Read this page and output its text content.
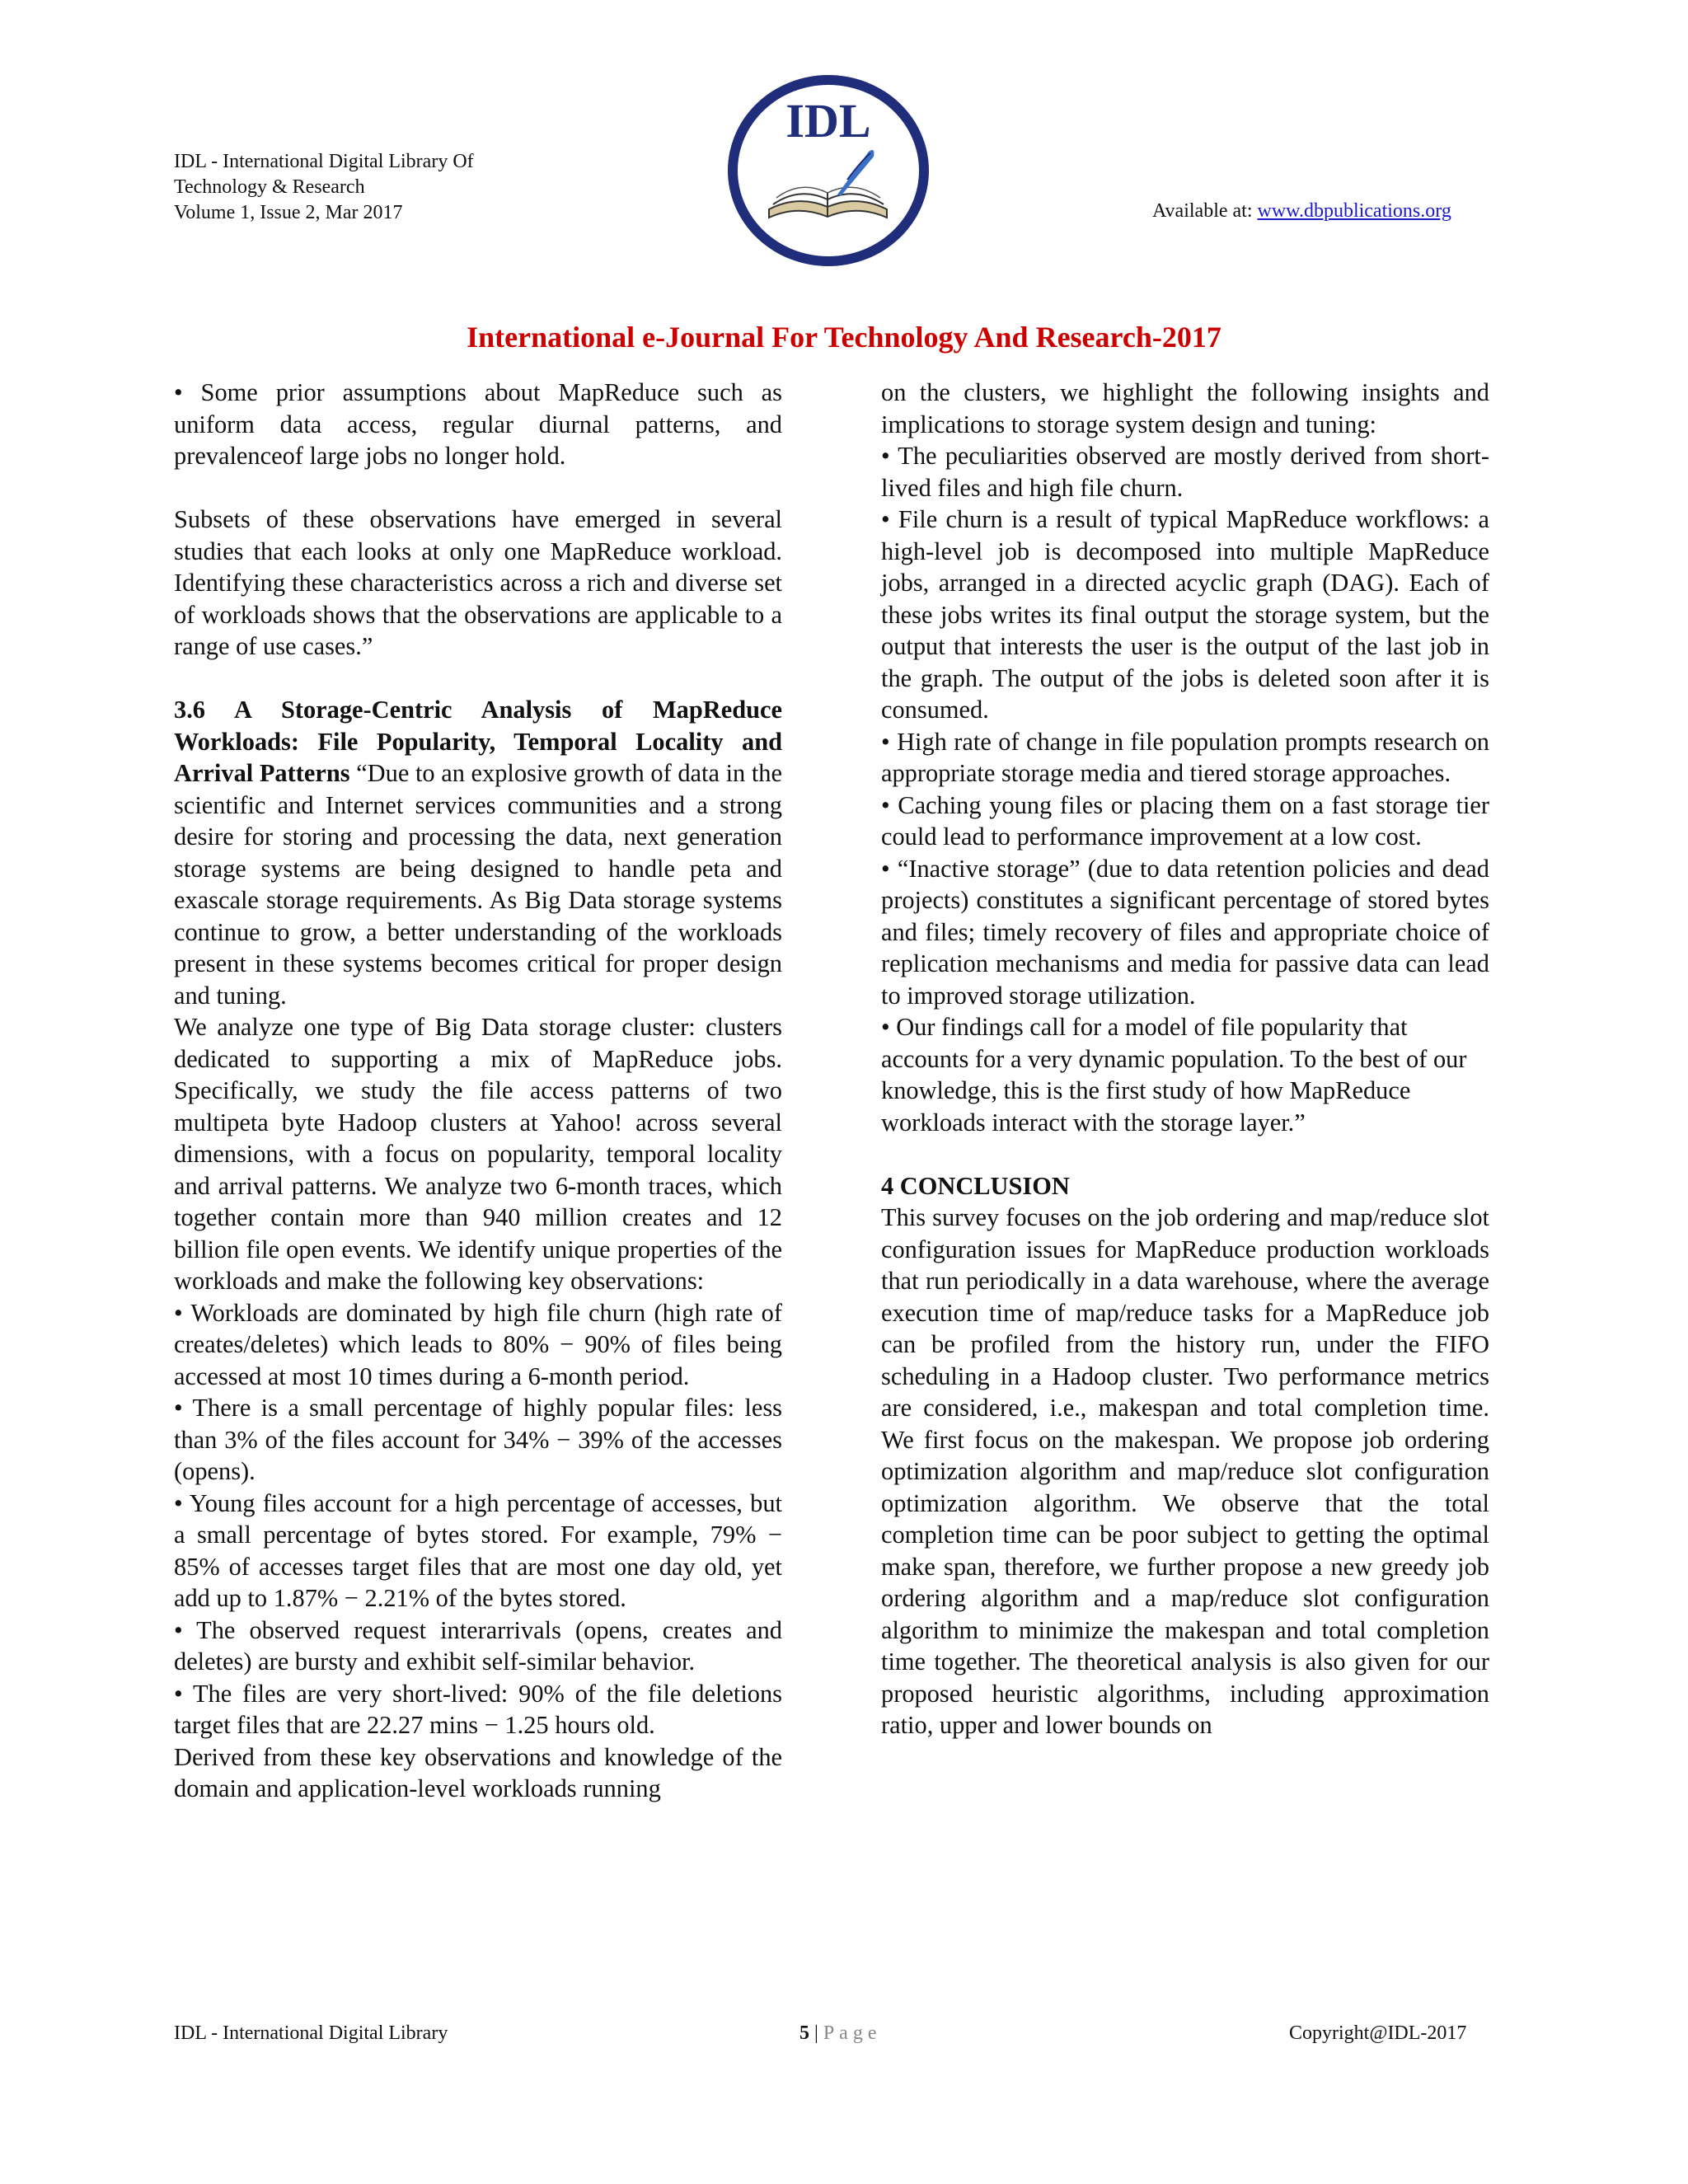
IDL - International Digital Library Of
Technology & Research
Volume 1, Issue 2, Mar 2017
IDL
Available at: www.dbpublications.org
International e-Journal For Technology And Research-2017

• Some prior assumptions about MapReduce such as uniform data access, regular diurnal patterns, and prevalenceof large jobs no longer hold.

Subsets of these observations have emerged in several studies that each looks at only one MapReduce workload. Identifying these characteristics across a rich and diverse set of workloads shows that the observations are applicable to a range of use cases.”

3.6 A Storage-Centric Analysis of MapReduce Workloads: File Popularity, Temporal Locality and Arrival Patterns “Due to an explosive growth of data in the scientific and Internet services communities and a strong desire for storing and processing the data, next generation storage systems are being designed to handle peta and exascale storage requirements. As Big Data storage systems continue to grow, a better understanding of the workloads present in these systems becomes critical for proper design and tuning.

We analyze one type of Big Data storage cluster: clusters dedicated to supporting a mix of MapReduce jobs. Specifically, we study the file access patterns of two multipeta byte Hadoop clusters at Yahoo! across several dimensions, with a focus on popularity, temporal locality and arrival patterns. We analyze two 6-month traces, which together contain more than 940 million creates and 12 billion file open events. We identify unique properties of the workloads and make the following key observations:

• Workloads are dominated by high file churn (high rate of creates/deletes) which leads to 80% − 90% of files being accessed at most 10 times during a 6-month period.

• There is a small percentage of highly popular files: less than 3% of the files account for 34% − 39% of the accesses (opens).

• Young files account for a high percentage of accesses, but a small percentage of bytes stored. For example, 79% − 85% of accesses target files that are most one day old, yet add up to 1.87% − 2.21% of the bytes stored.

• The observed request interarrivals (opens, creates and deletes) are bursty and exhibit self-similar behavior.

• The files are very short-lived: 90% of the file deletions target files that are 22.27 mins − 1.25 hours old.

Derived from these key observations and knowledge of the domain and application-level workloads running

on the clusters, we highlight the following insights and implications to storage system design and tuning:

• The peculiarities observed are mostly derived from short-lived files and high file churn.

• File churn is a result of typical MapReduce workflows: a high-level job is decomposed into multiple MapReduce jobs, arranged in a directed acyclic graph (DAG). Each of these jobs writes its final output the storage system, but the output that interests the user is the output of the last job in the graph. The output of the jobs is deleted soon after it is consumed.

• High rate of change in file population prompts research on appropriate storage media and tiered storage approaches.

• Caching young files or placing them on a fast storage tier could lead to performance improvement at a low cost.

• “Inactive storage” (due to data retention policies and dead projects) constitutes a significant percentage of stored bytes and files; timely recovery of files and appropriate choice of replication mechanisms and media for passive data can lead to improved storage utilization.

• Our findings call for a model of file popularity that accounts for a very dynamic population. To the best of our knowledge, this is the first study of how MapReduce workloads interact with the storage layer.”

4 CONCLUSION

This survey focuses on the job ordering and map/reduce slot configuration issues for MapReduce production workloads that run periodically in a data warehouse, where the average execution time of map/reduce tasks for a MapReduce job can be profiled from the history run, under the FIFO scheduling in a Hadoop cluster. Two performance metrics are considered, i.e., makespan and total completion time. We first focus on the makespan. We propose job ordering optimization algorithm and map/reduce slot configuration optimization algorithm. We observe that the total completion time can be poor subject to getting the optimal make span, therefore, we further propose a new greedy job ordering algorithm and a map/reduce slot configuration algorithm to minimize the makespan and total completion time together. The theoretical analysis is also given for our proposed heuristic algorithms, including approximation ratio, upper and lower bounds on

IDL - International Digital Library	5 | Page	Copyright@IDL-2017
